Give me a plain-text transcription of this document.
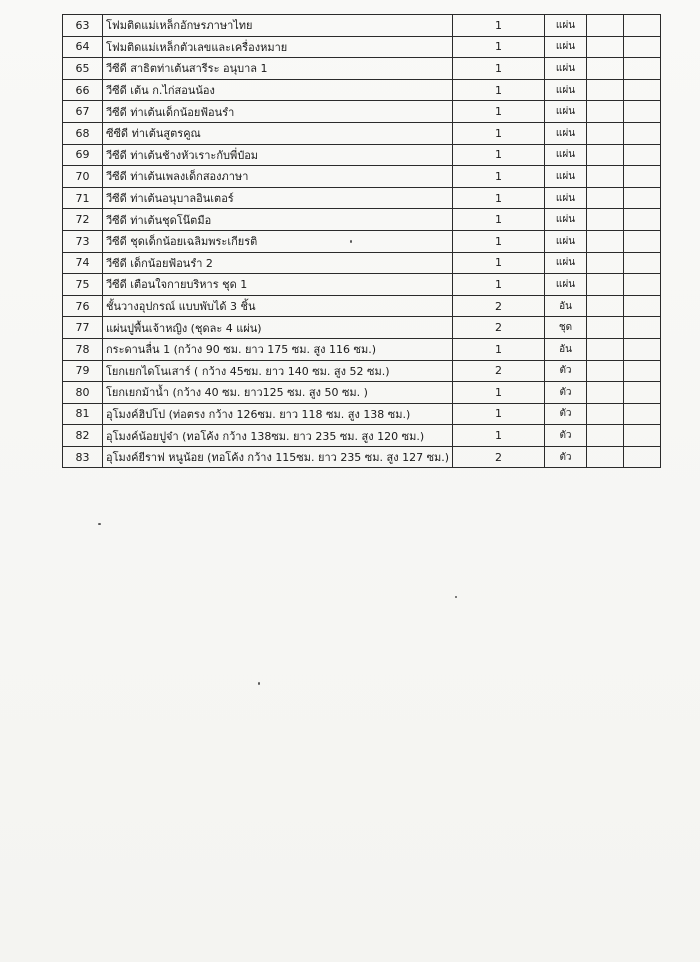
63	โฟมติดแม่เหล็กอักษรภาษาไทย	1	แผ่น		
64	โฟมติดแม่เหล็กตัวเลขและเครื่องหมาย	1	แผ่น		
65	วีซีดี สาธิตท่าเต้นสารีระ อนุบาล 1	1	แผ่น		
66	วีซีดี เต้น ก.ไก่สอนน้อง	1	แผ่น		
67	วีซีดี ท่าเต้นเด็กน้อยฟ้อนรำ	1	แผ่น		
68	ซีซีดี ท่าเต้นสูตรคูณ	1	แผ่น		
69	วีซีดี ท่าเต้นช้างหัวเราะกับพี่ป๋อม	1	แผ่น		
70	วีซีดี ท่าเต้นเพลงเด็กสองภาษา	1	แผ่น		
71	วีซีดี ท่าเต้นอนุบาลอินเตอร์	1	แผ่น		
72	วีซีดี ท่าเต้นชุดโน๊ตมือ	1	แผ่น		
73	วีซีดี ชุดเด็กน้อยเฉลิมพระเกียรติ	1	แผ่น		
74	วีซีดี เด็กน้อยฟ้อนรำ 2	1	แผ่น		
75	วีซีดี เตือนใจกายบริหาร ชุด 1	1	แผ่น		
76	ชั้นวางอุปกรณ์ แบบพับได้ 3 ชิ้น	2	อัน		
77	แผ่นปูพื้นเจ้าหญิง (ชุดละ 4 แผ่น)	2	ชุด		
78	กระดานลื่น 1 (กว้าง 90 ซม. ยาว 175 ซม. สูง 116 ซม.)	1	อัน		
79	โยกเยกไดโนเสาร์ ( กว้าง 45ซม. ยาว 140 ซม. สูง 52 ซม.)	2	ตัว		
80	โยกเยกม้าน้ำ (กว้าง 40 ซม. ยาว125 ซม. สูง 50 ซม. )	1	ตัว		
81	อุโมงค์ฮิปโป (ท่อตรง กว้าง 126ซม. ยาว 118 ซม. สูง 138 ซม.)	1	ตัว		
82	อุโมงค์น้อยปูจ๋า (ทอโค้ง กว้าง 138ซม. ยาว 235 ซม. สูง 120 ซม.)	1	ตัว		
83	อุโมงค์ยีราฟ หนูน้อย (ทอโค้ง กว้าง 115ซม. ยาว 235 ซม. สูง 127 ซม.)	2	ตัว		
